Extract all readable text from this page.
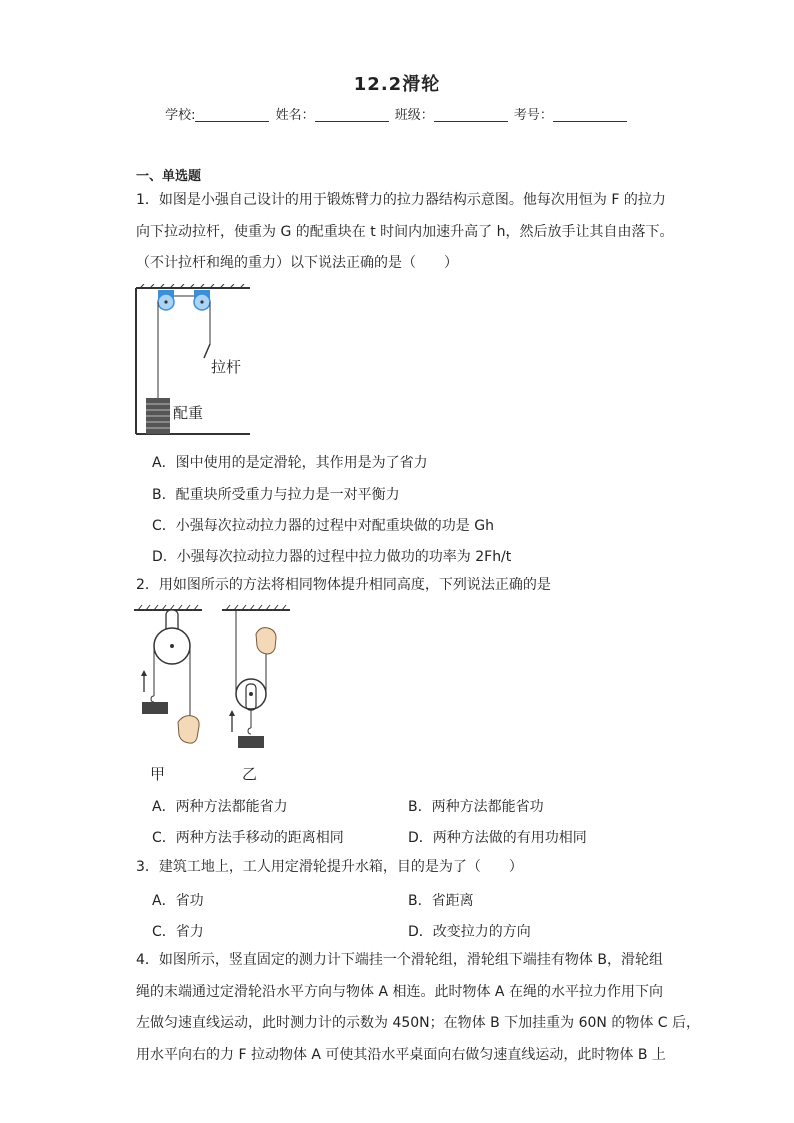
12.2滑轮
学校:	姓名：	班级：	考号：
一、单选题
1．如图是小强自己设计的用于锻炼臂力的拉力器结构示意图。他每次用恒为 F 的拉力
向下拉动拉杆，使重为 G 的配重块在 t 时间内加速升高了 h，然后放手让其自由落下。
（不计拉杆和绳的重力）以下说法正确的是（　　）
拉杆
配重
A．图中使用的是定滑轮，其作用是为了省力
B．配重块所受重力与拉力是一对平衡力
C．小强每次拉动拉力器的过程中对配重块做的功是 Gh
D．小强每次拉动拉力器的过程中拉力做功的功率为 2Fh/t
2．用如图所示的方法将相同物体提升相同高度，下列说法正确的是
甲
甲	乙
A．两种方法都能省力	B．两种方法都能省功
C．两种方法手移动的距离相同	D．两种方法做的有用功相同
3．建筑工地上，工人用定滑轮提升水箱，目的是为了（　　）
A．省功	B．省距离
C．省力	D．改变拉力的方向
4．如图所示，竖直固定的测力计下端挂一个滑轮组，滑轮组下端挂有物体 B，滑轮组
绳的末端通过定滑轮沿水平方向与物体 A 相连。此时物体 A 在绳的水平拉力作用下向
左做匀速直线运动，此时测力计的示数为 450N；在物体 B 下加挂重为 60N 的物体 C 后，
用水平向右的力 F 拉动物体 A 可使其沿水平桌面向右做匀速直线运动，此时物体 B 上
